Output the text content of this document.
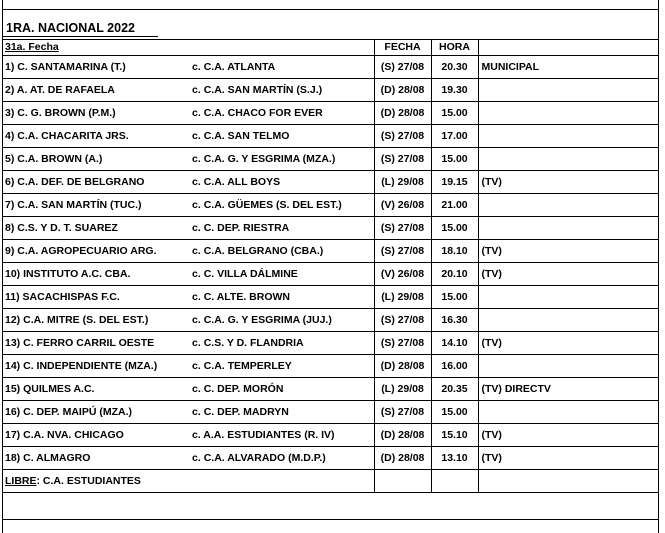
1RA. NACIONAL 2022
31a. Fecha	FECHA	HORA	

1) C. SANTAMARINA (T.) c. C.A. ATLANTA	(S) 27/08	20.30	MUNICIPAL

2) A. AT. DE RAFAELA c. C.A. SAN MARTÍN (S.J.)	(D) 28/08	19.30	

3) C. G. BROWN (P.M.) c. C.A. CHACO FOR EVER	(D) 28/08	15.00	

4) C.A. CHACARITA JRS. c. C.A. SAN TELMO	(S) 27/08	17.00	

5) C.A. BROWN (A.) c. C.A. G. Y ESGRIMA (MZA.)	(S) 27/08	15.00	

6) C.A. DEF. DE BELGRANO c. C.A. ALL BOYS	(L) 29/08	19.15	(TV)

7) C.A. SAN MARTÍN (TUC.) c. C.A. GÜEMES (S. DEL EST.)	(V) 26/08	21.00	

8) C.S. Y D. T. SUAREZ c. C. DEP. RIESTRA	(S) 27/08	15.00	

9) C.A. AGROPECUARIO ARG. c. C.A. BELGRANO (CBA.)	(S) 27/08	18.10	(TV)

10) INSTITUTO A.C. CBA. c. C. VILLA DÁLMINE	(V) 26/08	20.10	(TV)

11) SACACHISPAS F.C. c. C. ALTE. BROWN	(L) 29/08	15.00	

12) C.A. MITRE (S. DEL EST.) c. C.A. G. Y ESGRIMA (JUJ.)	(S) 27/08	16.30	

13) C. FERRO CARRIL OESTE c. C.S. Y D. FLANDRIA	(S) 27/08	14.10	(TV)

14) C. INDEPENDIENTE (MZA.) c. C.A. TEMPERLEY	(D) 28/08	16.00	

15) QUILMES A.C. c. C. DEP. MORÓN	(L) 29/08	20.35	(TV) DIRECTV

16) C. DEP. MAIPÚ (MZA.) c. C. DEP. MADRYN	(S) 27/08	15.00	

17) C.A. NVA. CHICAGO c. A.A. ESTUDIANTES (R. IV)	(D) 28/08	15.10	(TV)

18) C. ALMAGRO c. C.A. ALVARADO (M.D.P.)	(D) 28/08	13.10	(TV)
LIBRE: C.A. ESTUDIANTES			
